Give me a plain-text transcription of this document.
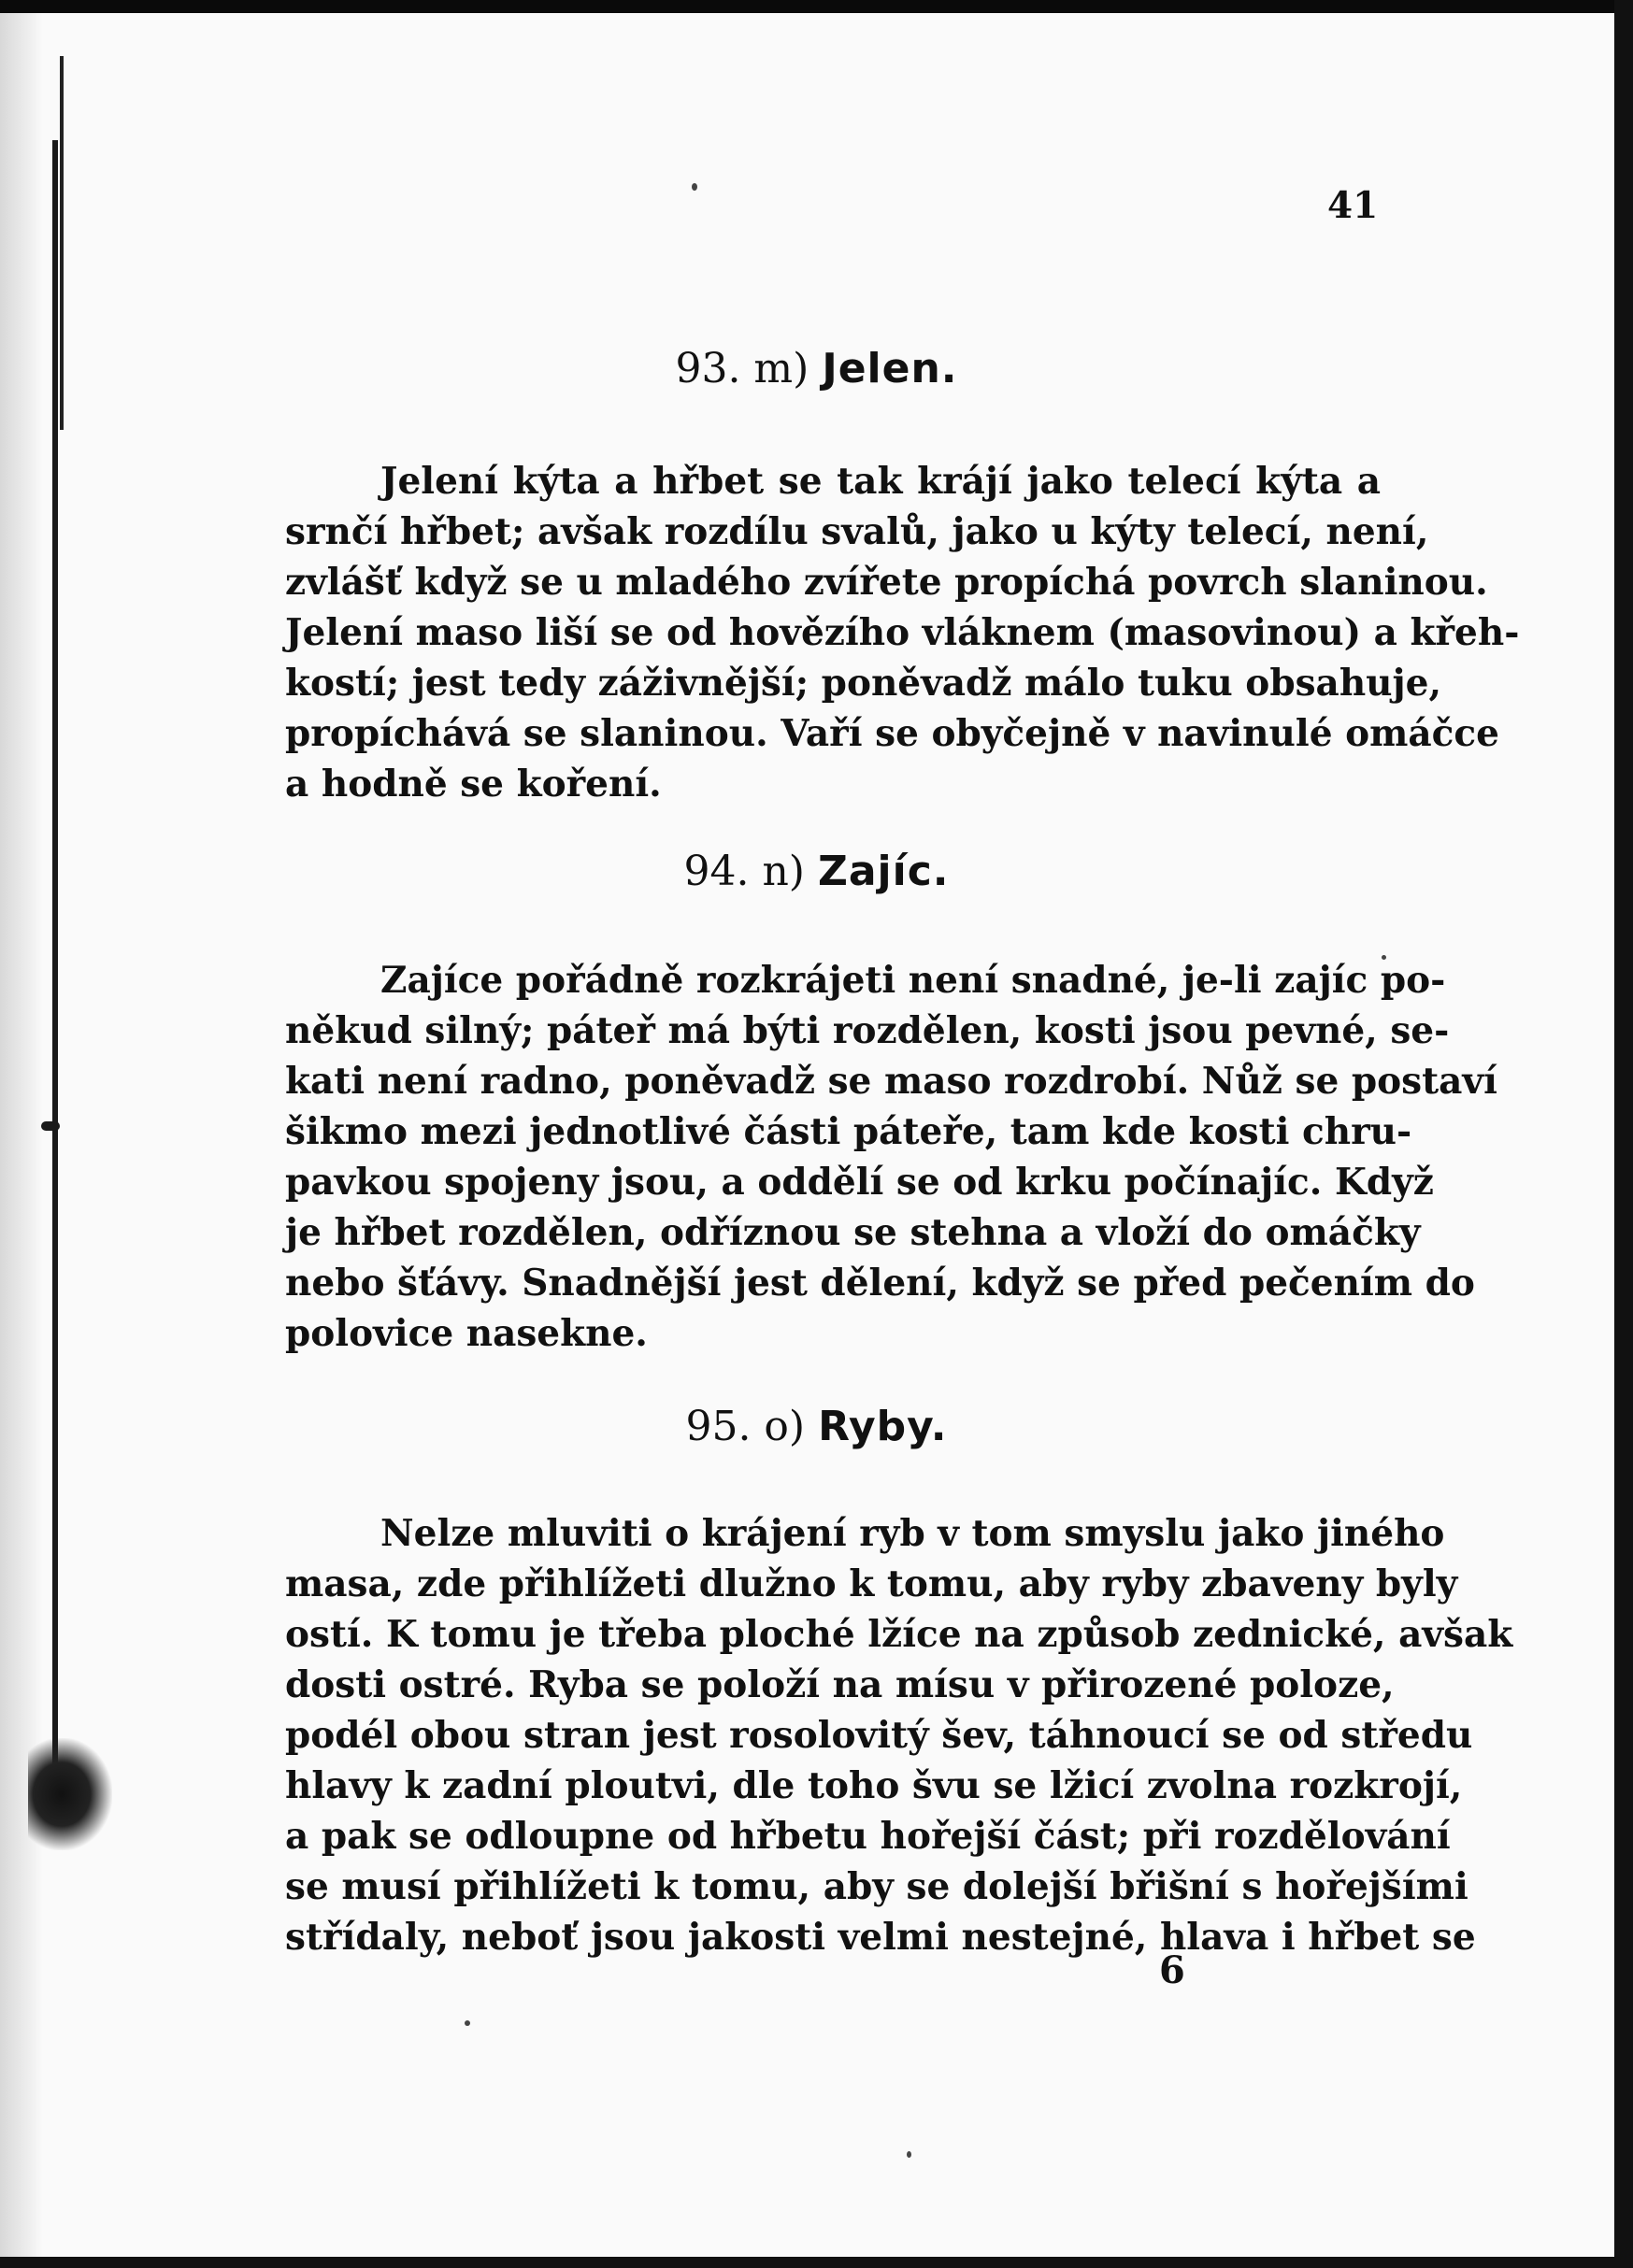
41

93. m) Jelen.
Jelení kýta a hřbet se tak krájí jako telecí kýta a
srnčí hřbet; avšak rozdílu svalů, jako u kýty telecí, není,
zvlášť když se u mladého zvířete propíchá povrch slaninou.
Jelení maso liší se od hovězího vláknem (masovinou) a křeh-
kostí; jest tedy záživnější; poněvadž málo tuku obsahuje,
propíchává se slaninou. Vaří se obyčejně v navinulé omáčce
a hodně se koření.
94. n) Zajíc.
Zajíce pořádně rozkrájeti není snadné, je-li zajíc po-
někud silný; páteř má býti rozdělen, kosti jsou pevné, se-
kati není radno, poněvadž se maso rozdrobí. Nůž se postaví
šikmo mezi jednotlivé části páteře, tam kde kosti chru-
pavkou spojeny jsou, a oddělí se od krku počínajíc. Když
je hřbet rozdělen, odříznou se stehna a vloží do omáčky
nebo šťávy. Snadnější jest dělení, když se před pečením do
polovice nasekne.
95. o) Ryby.
Nelze mluviti o krájení ryb v tom smyslu jako jiného
masa, zde přihlížeti dlužno k tomu, aby ryby zbaveny byly
ostí. K tomu je třeba ploché lžíce na způsob zednické, avšak
dosti ostré. Ryba se položí na mísu v přirozené poloze,
podél obou stran jest rosolovitý šev, táhnoucí se od středu
hlavy k zadní ploutvi, dle toho švu se lžicí zvolna rozkrojí,
a pak se odloupne od hřbetu hořejší část; při rozdělování
se musí přihlížeti k tomu, aby se dolejší břišní s hořejšími
střídaly, neboť jsou jakosti velmi nestejné, hlava i hřbet se

6
